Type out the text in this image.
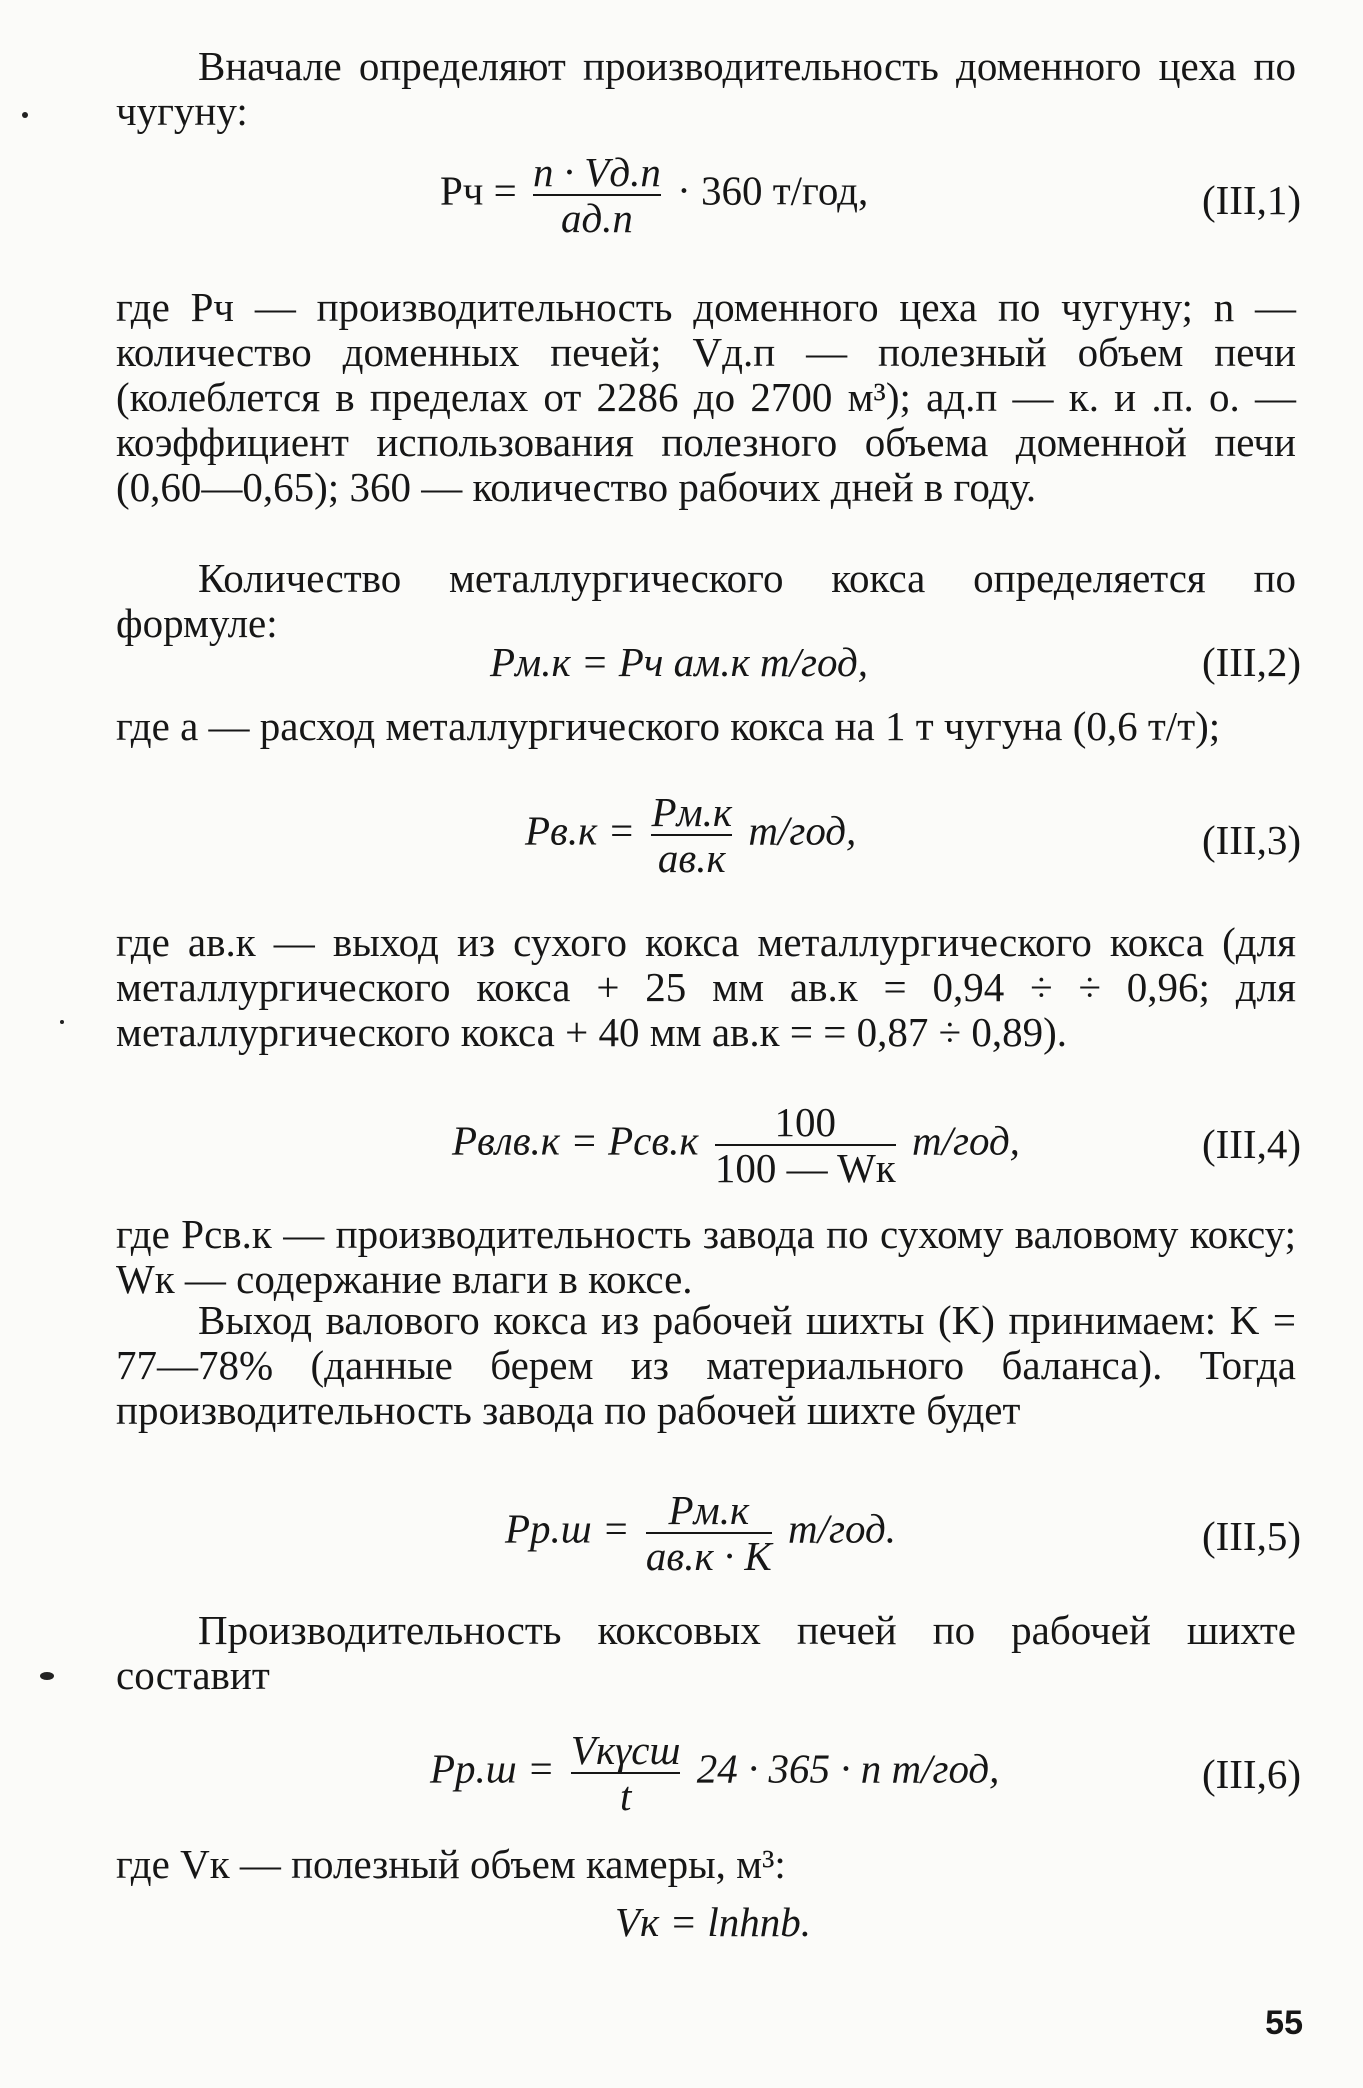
Вначале определяют производительность доменного цеха по чугуну:
Pч = $\frac{n \cdot Vд.п}{aд.п} \cdot 360$ т/год,	(III,1)
где Pч — производительность доменного цеха по чугуну; n — количество доменных печей; Vд.п — полезный объем печи (колеблется в пределах от 2286 до 2700 м³); aд.п — к. и .п. о. — коэффициент использования полезного объема доменной печи (0,60—0,65); 360 — количество рабочих дней в году.
Количество металлургического кокса определяется по формуле:
Pм.к = Pч aм.к т/год,	(III,2)
где a — расход металлургического кокса на 1 т чугуна (0,6 т/т);
$Pв.к = \frac{Pм.к}{aв.к} т/год$,	(III,3)
где aв.к — выход из сухого кокса металлургического кокса (для металлургического кокса + 25 мм aв.к = 0,94 ÷ ÷ 0,96; для металлургического кокса + 40 мм aв.к = = 0,87 ÷ 0,89).
Pвлв.к = $Pсв.к \frac{100}{100 — Wк} т/год$,	(III,4)
где Pсв.к — производительность завода по сухому валовому коксу; Wк — содержание влаги в коксе.
Выход валового кокса из рабочей шихты (K) принимаем: K = 77—78% (данные берем из материального баланса). Тогда производительность завода по рабочей шихте будет
$Pр.ш = \frac{Pм.к}{aв.к \cdot K} т/год$.	(III,5)
Производительность коксовых печей по рабочей шихте составит
$Pр.ш = \frac{\text{Vкγсш}}{t} 24 \cdot 365 \cdot n$ т/год,	(III,6)
где Vк — полезный объем камеры, м³:
Vк = lпhпb.
55
